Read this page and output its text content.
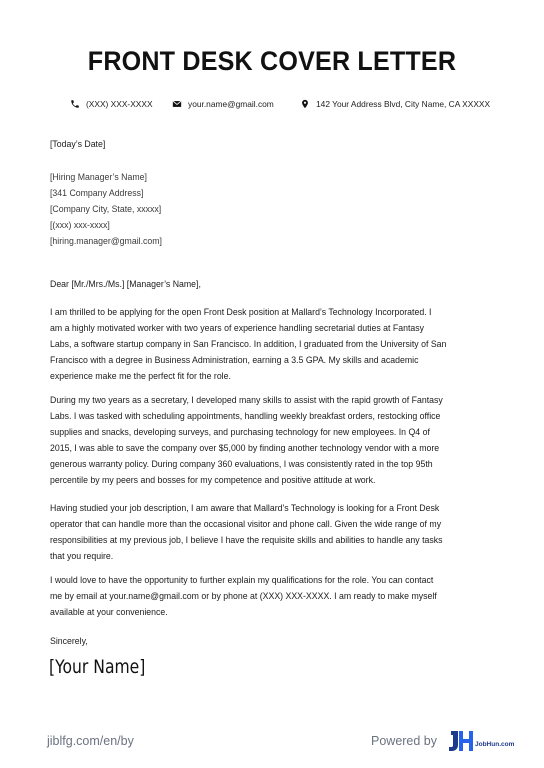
FRONT DESK COVER LETTER
(XXX) XXX-XXXX	your.name@gmail.com	142 Your Address Blvd, City Name, CA XXXXX
[Today’s Date]
[Hiring Manager’s Name]
[341 Company Address]
[Company City, State, xxxxx]
[(xxx) xxx-xxxx]
[hiring.manager@gmail.com]
Dear [Mr./Mrs./Ms.] [Manager’s Name],
I am thrilled to be applying for the open Front Desk position at Mallard’s Technology Incorporated. I
am a highly motivated worker with two years of experience handling secretarial duties at Fantasy
Labs, a software startup company in San Francisco. In addition, I graduated from the University of San
Francisco with a degree in Business Administration, earning a 3.5 GPA. My skills and academic
experience make me the perfect fit for the role.
During my two years as a secretary, I developed many skills to assist with the rapid growth of Fantasy
Labs. I was tasked with scheduling appointments, handling weekly breakfast orders, restocking office
supplies and snacks, developing surveys, and purchasing technology for new employees. In Q4 of
2015, I was able to save the company over $5,000 by finding another technology vendor with a more
generous warranty policy. During company 360 evaluations, I was consistently rated in the top 95th
percentile by my peers and bosses for my competence and positive attitude at work.
Having studied your job description, I am aware that Mallard’s Technology is looking for a Front Desk
operator that can handle more than the occasional visitor and phone call. Given the wide range of my
responsibilities at my previous job, I believe I have the requisite skills and abilities to handle any tasks
that you require.
I would love to have the opportunity to further explain my qualifications for the role. You can contact
me by email at your.name@gmail.com or by phone at (XXX) XXX-XXXX. I am ready to make myself
available at your convenience.
Sincerely,
[Your Name]
jiblfg.com/en/by	Powered by	JobHun.com
